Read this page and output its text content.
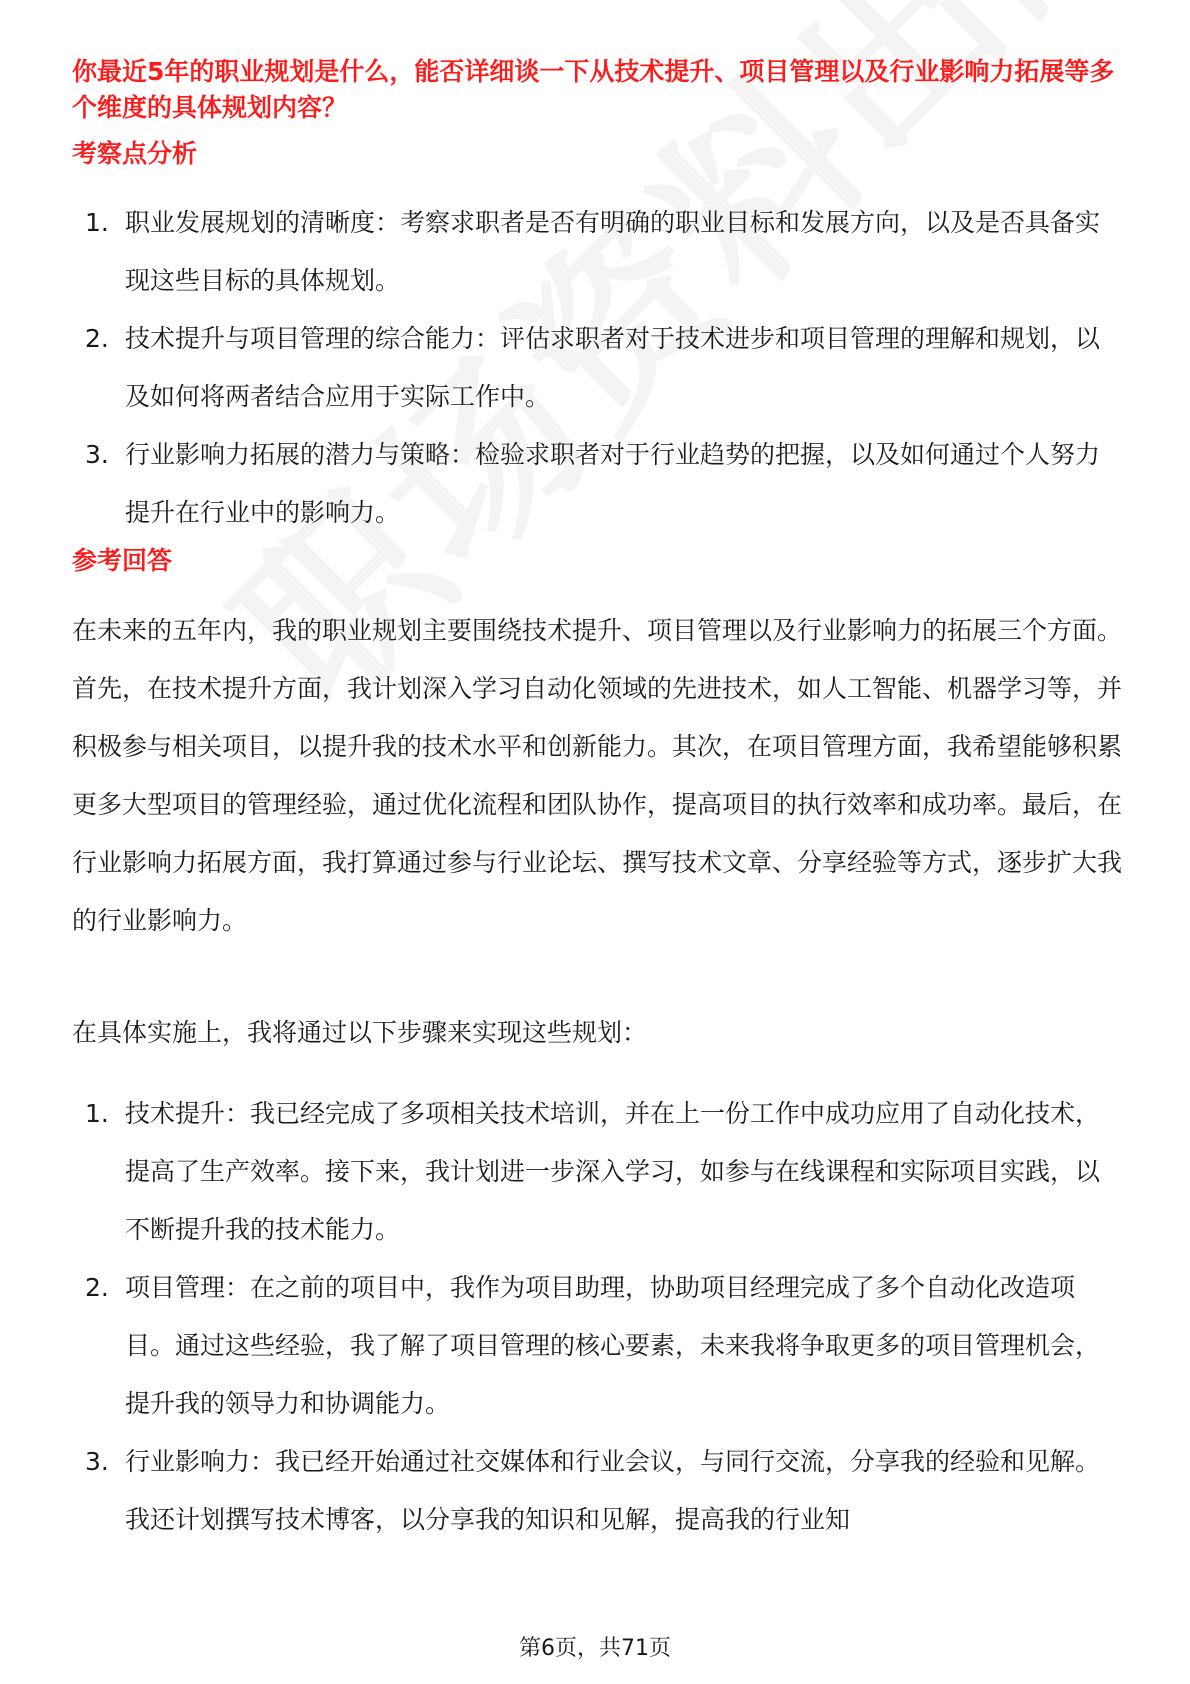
你最近5年的职业规划是什么，能否详细谈一下从技术提升、项目管理以及行业影响力拓展等多个维度的具体规划内容？
考察点分析
1. 职业发展规划的清晰度：考察求职者是否有明确的职业目标和发展方向，以及是否具备实现这些目标的具体规划。
2. 技术提升与项目管理的综合能力：评估求职者对于技术进步和项目管理的理解和规划，以及如何将两者结合应用于实际工作中。
3. 行业影响力拓展的潜力与策略：检验求职者对于行业趋势的把握，以及如何通过个人努力提升在行业中的影响力。
参考回答

在未来的五年内，我的职业规划主要围绕技术提升、项目管理以及行业影响力的拓展三个方面。首先，在技术提升方面，我计划深入学习自动化领域的先进技术，如人工智能、机器学习等，并积极参与相关项目，以提升我的技术水平和创新能力。其次，在项目管理方面，我希望能够积累更多大型项目的管理经验，通过优化流程和团队协作，提高项目的执行效率和成功率。最后，在行业影响力拓展方面，我打算通过参与行业论坛、撰写技术文章、分享经验等方式，逐步扩大我的行业影响力。

在具体实施上，我将通过以下步骤来实现这些规划：

1. 技术提升：我已经完成了多项相关技术培训，并在上一份工作中成功应用了自动化技术，提高了生产效率。接下来，我计划进一步深入学习，如参与在线课程和实际项目实践，以不断提升我的技术能力。
2. 项目管理：在之前的项目中，我作为项目助理，协助项目经理完成了多个自动化改造项目。通过这些经验，我了解了项目管理的核心要素，未来我将争取更多的项目管理机会，提升我的领导力和协调能力。
3. 行业影响力：我已经开始通过社交媒体和行业会议，与同行交流，分享我的经验和见解。我还计划撰写技术博客，以分享我的知识和见解，提高我的行业知
第6页，共71页
